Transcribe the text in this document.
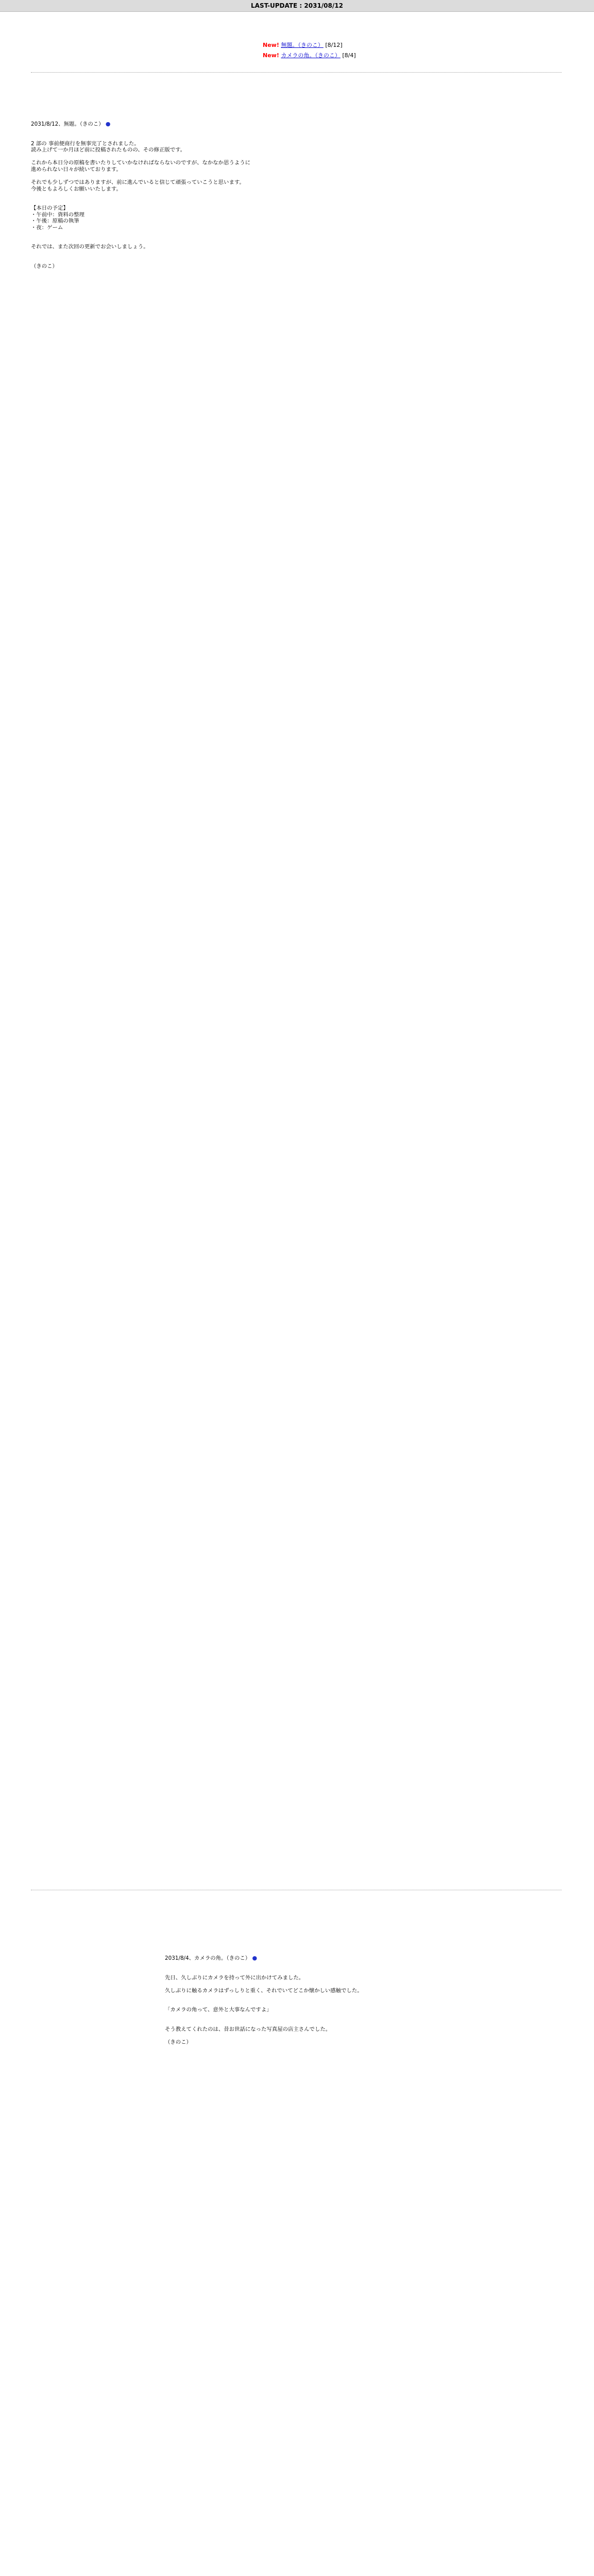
LAST-UPDATE : 2031/08/12
New! 無題。（きのこ） [8/12]
New! カメラの角。（きのこ） [8/4]

2031/8/12、無題。（きのこ） ●

2 部の 事前便商行を無事完了とされました。
読み上げて一か月ほど前に投稿されたものの、その修正版です。

これから本日分の原稿を書いたりしていかなければならないのですが、なかなか思うように
進められない日々が続いております。

それでも少しずつではありますが、前に進んでいると信じて頑張っていこうと思います。
今後ともよろしくお願いいたします。

【本日の予定】
・午前中：資料の整理
・午後：原稿の執筆
・夜：ゲーム

それでは、また次回の更新でお会いしましょう。

（きのこ）

2031/8/4、カメラの角。（きのこ） ●

先日、久しぶりにカメラを持って外に出かけてみました。

久しぶりに触るカメラはずっしりと重く、それでいてどこか懐かしい感触でした。

「カメラの角って、意外と大事なんですよ」

そう教えてくれたのは、昔お世話になった写真屋の店主さんでした。

（きのこ）
